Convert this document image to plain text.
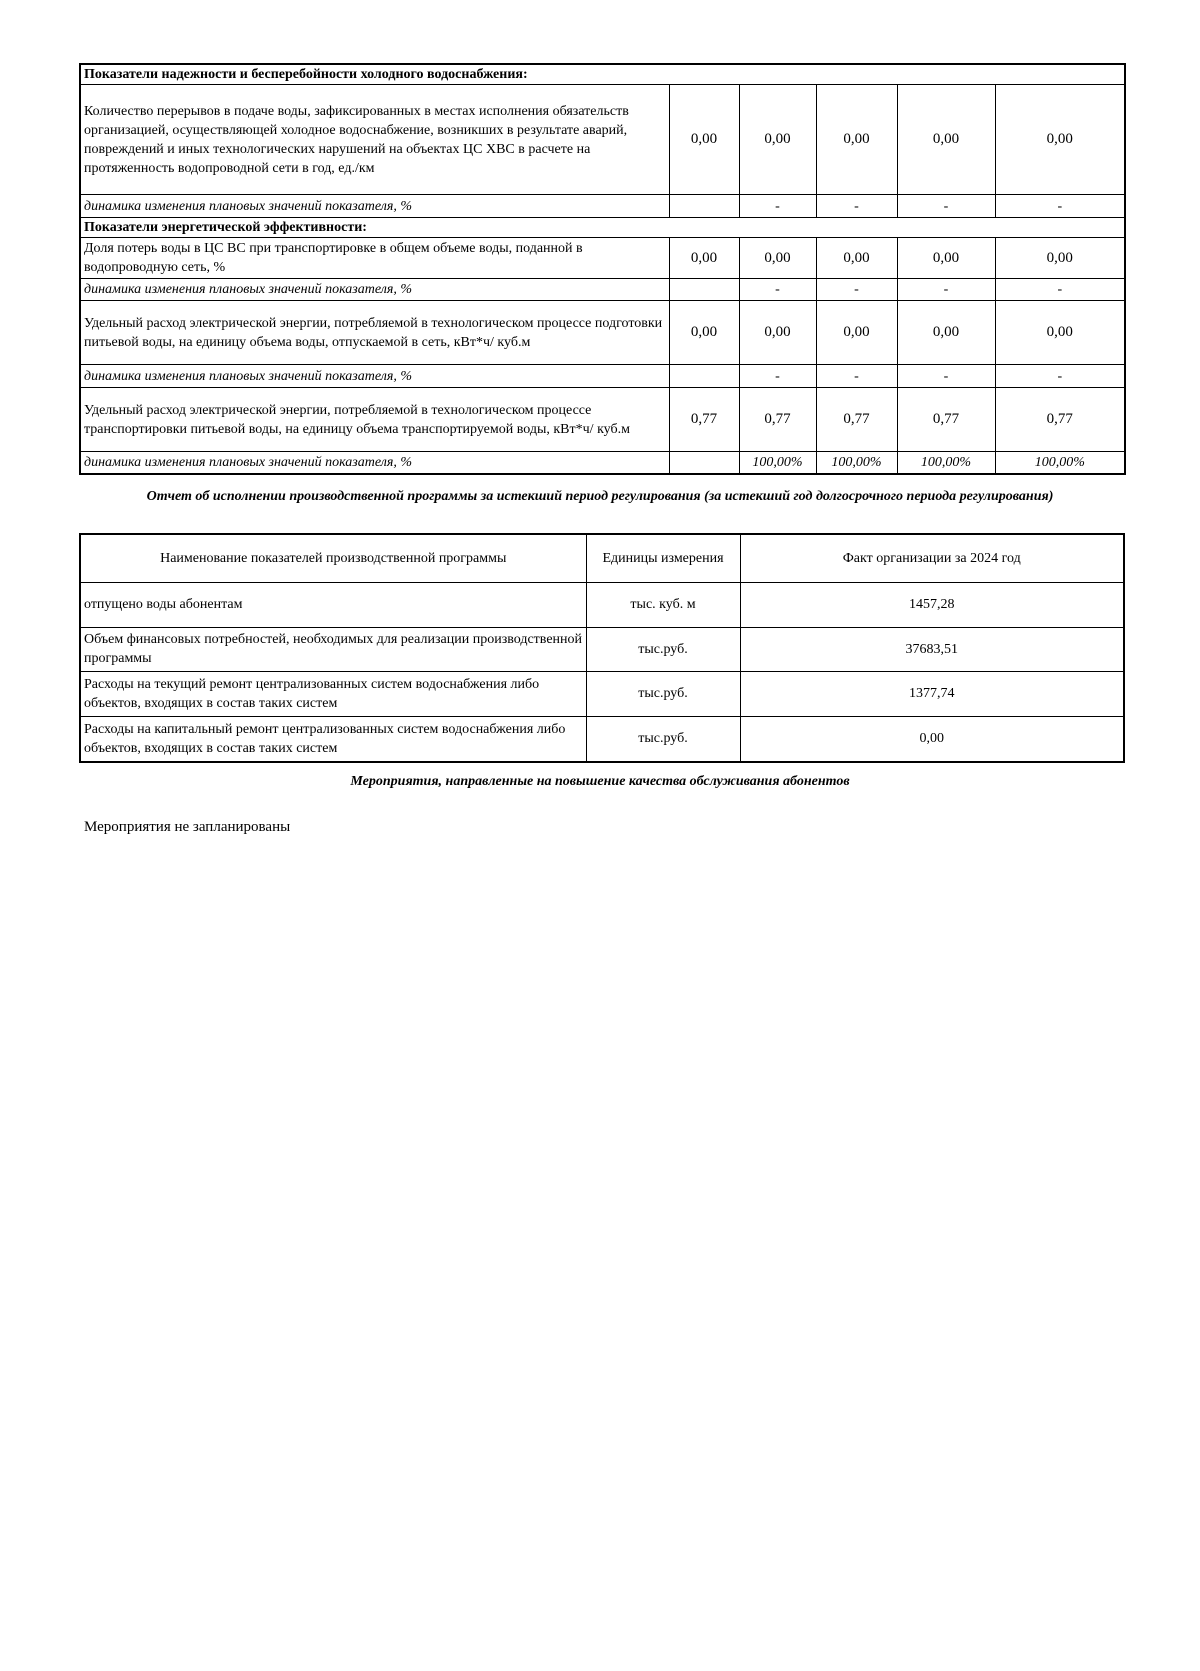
Показатели надежности и бесперебойности холодного водоснабжения:					
Количество перерывов в подаче воды, зафиксированных в местах исполнения обязательств организацией, осуществляющей холодное водоснабжение, возникших в результате аварий, повреждений и иных технологических нарушений на объектах ЦС ХВС в расчете на протяженность водопроводной сети в год, ед./км	0,00	0,00	0,00	0,00	0,00
динамика изменения плановых значений показателя, %		-	-	-	-
Показатели энергетической эффективности:					
Доля потерь воды в ЦС ВС при транспортировке в общем объеме воды, поданной в водопроводную сеть, %	0,00	0,00	0,00	0,00	0,00
динамика изменения плановых значений показателя, %		-	-	-	-
Удельный расход электрической энергии, потребляемой в технологическом процессе подготовки питьевой воды, на единицу объема воды, отпускаемой в сеть, кВт*ч/ куб.м	0,00	0,00	0,00	0,00	0,00
динамика изменения плановых значений показателя, %		-	-	-	-
Удельный расход электрической энергии, потребляемой в технологическом процессе транспортировки питьевой воды, на единицу объема транспортируемой воды, кВт*ч/ куб.м	0,77	0,77	0,77	0,77	0,77
динамика изменения плановых значений показателя, %		100,00%	100,00%	100,00%	100,00%
Отчет об исполнении производственной программы за истекший период регулирования (за истекший год долгосрочного периода регулирования)
Наименование показателей производственной программы	Единицы измерения	Факт организации за 2024 год
отпущено воды абонентам	тыс. куб. м	1457,28
Объем финансовых потребностей, необходимых для реализации производственной программы	тыс.руб.	37683,51
Расходы на текущий ремонт централизованных систем водоснабжения либо объектов, входящих в состав таких систем	тыс.руб.	1377,74
Расходы на капитальный ремонт централизованных систем водоснабжения либо объектов, входящих в состав таких систем	тыс.руб.	0,00
Мероприятия, направленные на повышение качества обслуживания абонентов
Мероприятия не запланированы
